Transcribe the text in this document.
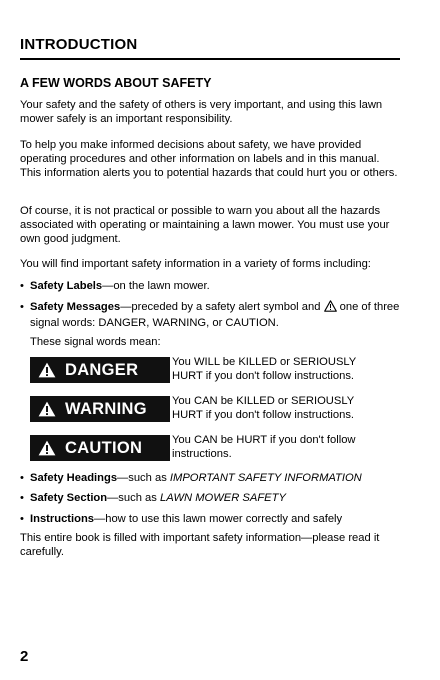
INTRODUCTION
A FEW WORDS ABOUT SAFETY
Your safety and the safety of others is very important, and using this lawn mower safely is an important responsibility.
To help you make informed decisions about safety, we have provided operating procedures and other information on labels and in this manual. This information alerts you to potential hazards that could hurt you or others.
Of course, it is not practical or possible to warn you about all the hazards associated with operating or maintaining a lawn mower. You must use your own good judgment.
You will find important safety information in a variety of forms including:
• Safety Labels—on the lawn mower.
• Safety Messages—preceded by a safety alert symbol and  one of three signal words: DANGER, WARNING, or CAUTION.
These signal words mean:
DANGER	You WILL be KILLED or SERIOUSLY HURT if you don't follow instructions.
WARNING You CAN be KILLED or SERIOUSLY HURT if you don't follow instructions.
CAUTION	You CAN be HURT if you don't follow instructions.
• Safety Headings—such as IMPORTANT SAFETY INFORMATION
• Safety Section—such as LAWN MOWER SAFETY
• Instructions—how to use this lawn mower correctly and safely
This entire book is filled with important safety information—please read it carefully.
2
